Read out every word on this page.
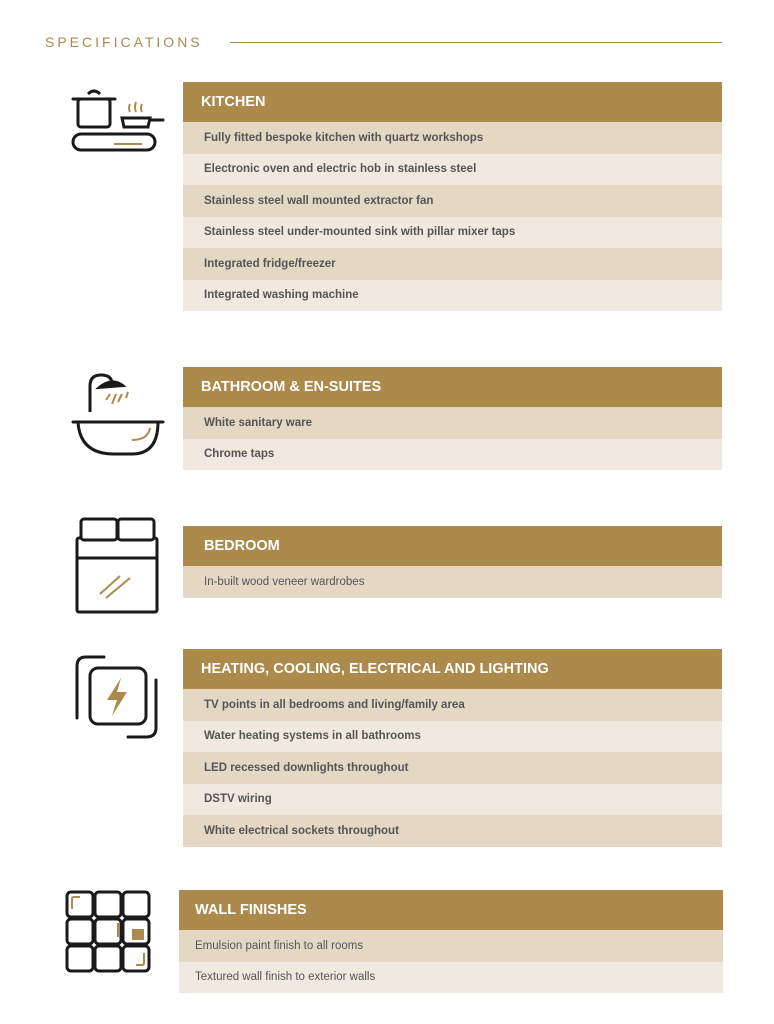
SPECIFICATIONS
KITCHEN
Fully fitted bespoke kitchen with quartz workshops
Electronic oven and electric hob in stainless steel
Stainless steel wall mounted extractor fan
Stainless steel under-mounted sink with pillar mixer taps
Integrated fridge/freezer
Integrated washing machine
BATHROOM & EN-SUITES
White sanitary ware
Chrome taps
BEDROOM
In-built wood veneer wardrobes
HEATING, COOLING, ELECTRICAL AND LIGHTING
TV points in all bedrooms and living/family area
Water heating systems in all bathrooms
LED recessed downlights throughout
DSTV wiring
White electrical sockets throughout
WALL FINISHES
Emulsion paint finish to all rooms
Textured wall finish to exterior walls
